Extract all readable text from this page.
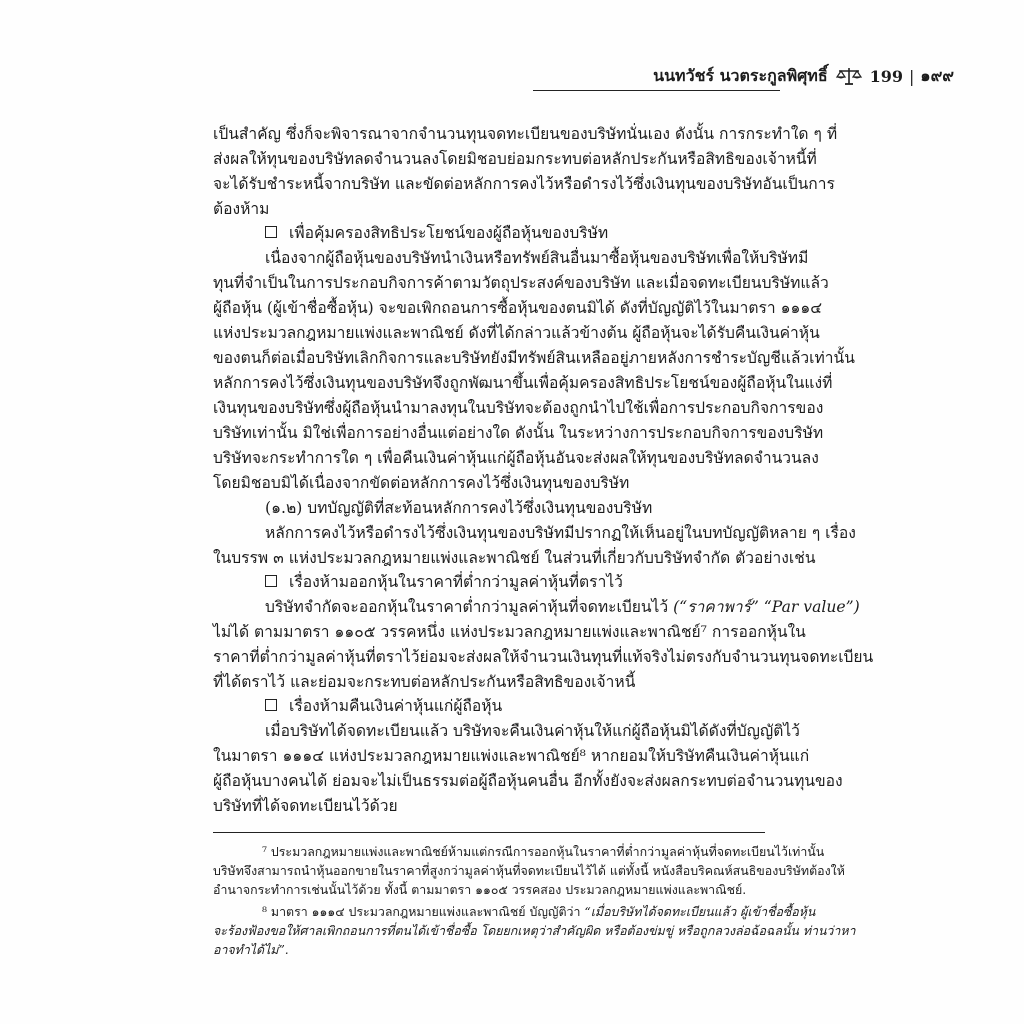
นนทวัชร์ นวตระกูลพิศุทธิ์	199 | ๑๙๙
เป็นสำคัญ ซึ่งก็จะพิจารณาจากจำนวนทุนจดทะเบียนของบริษัทนั่นเอง ดังนั้น การกระทำใด ๆ ที่
ส่งผลให้ทุนของบริษัทลดจำนวนลงโดยมิชอบย่อมกระทบต่อหลักประกันหรือสิทธิของเจ้าหนี้ที่
จะได้รับชำระหนี้จากบริษัท และขัดต่อหลักการคงไว้หรือดำรงไว้ซึ่งเงินทุนของบริษัทอันเป็นการ
ต้องห้าม
เพื่อคุ้มครองสิทธิประโยชน์ของผู้ถือหุ้นของบริษัท
เนื่องจากผู้ถือหุ้นของบริษัทนำเงินหรือทรัพย์สินอื่นมาซื้อหุ้นของบริษัทเพื่อให้บริษัทมี
ทุนที่จำเป็นในการประกอบกิจการค้าตามวัตถุประสงค์ของบริษัท และเมื่อจดทะเบียนบริษัทแล้ว
ผู้ถือหุ้น (ผู้เข้าชื่อซื้อหุ้น) จะขอเพิกถอนการซื้อหุ้นของตนมิได้ ดังที่บัญญัติไว้ในมาตรา ๑๑๑๔
แห่งประมวลกฎหมายแพ่งและพาณิชย์ ดังที่ได้กล่าวแล้วข้างต้น ผู้ถือหุ้นจะได้รับคืนเงินค่าหุ้น
ของตนก็ต่อเมื่อบริษัทเลิกกิจการและบริษัทยังมีทรัพย์สินเหลืออยู่ภายหลังการชำระบัญชีแล้วเท่านั้น
หลักการคงไว้ซึ่งเงินทุนของบริษัทจึงถูกพัฒนาขึ้นเพื่อคุ้มครองสิทธิประโยชน์ของผู้ถือหุ้นในแง่ที่
เงินทุนของบริษัทซึ่งผู้ถือหุ้นนำมาลงทุนในบริษัทจะต้องถูกนำไปใช้เพื่อการประกอบกิจการของ
บริษัทเท่านั้น มิใช่เพื่อการอย่างอื่นแต่อย่างใด ดังนั้น ในระหว่างการประกอบกิจการของบริษัท
บริษัทจะกระทำการใด ๆ เพื่อคืนเงินค่าหุ้นแก่ผู้ถือหุ้นอันจะส่งผลให้ทุนของบริษัทลดจำนวนลง
โดยมิชอบมิได้เนื่องจากขัดต่อหลักการคงไว้ซึ่งเงินทุนของบริษัท
(๑.๒) บทบัญญัติที่สะท้อนหลักการคงไว้ซึ่งเงินทุนของบริษัท
หลักการคงไว้หรือดำรงไว้ซึ่งเงินทุนของบริษัทมีปรากฏให้เห็นอยู่ในบทบัญญัติหลาย ๆ เรื่อง
ในบรรพ ๓ แห่งประมวลกฎหมายแพ่งและพาณิชย์ ในส่วนที่เกี่ยวกับบริษัทจำกัด ตัวอย่างเช่น
เรื่องห้ามออกหุ้นในราคาที่ต่ำกว่ามูลค่าหุ้นที่ตราไว้
บริษัทจำกัดจะออกหุ้นในราคาต่ำกว่ามูลค่าหุ้นที่จดทะเบียนไว้ (“ราคาพาร์” “Par value”)
ไม่ได้ ตามมาตรา ๑๑๐๕ วรรคหนึ่ง แห่งประมวลกฎหมายแพ่งและพาณิชย์⁷ การออกหุ้นใน
ราคาที่ต่ำกว่ามูลค่าหุ้นที่ตราไว้ย่อมจะส่งผลให้จำนวนเงินทุนที่แท้จริงไม่ตรงกับจำนวนทุนจดทะเบียน
ที่ได้ตราไว้ และย่อมจะกระทบต่อหลักประกันหรือสิทธิของเจ้าหนี้
เรื่องห้ามคืนเงินค่าหุ้นแก่ผู้ถือหุ้น
เมื่อบริษัทได้จดทะเบียนแล้ว บริษัทจะคืนเงินค่าหุ้นให้แก่ผู้ถือหุ้นมิได้ดังที่บัญญัติไว้
ในมาตรา ๑๑๑๔ แห่งประมวลกฎหมายแพ่งและพาณิชย์⁸ หากยอมให้บริษัทคืนเงินค่าหุ้นแก่
ผู้ถือหุ้นบางคนได้ ย่อมจะไม่เป็นธรรมต่อผู้ถือหุ้นคนอื่น อีกทั้งยังจะส่งผลกระทบต่อจำนวนทุนของ
บริษัทที่ได้จดทะเบียนไว้ด้วย
⁷ ประมวลกฎหมายแพ่งและพาณิชย์ห้ามแต่กรณีการออกหุ้นในราคาที่ต่ำกว่ามูลค่าหุ้นที่จดทะเบียนไว้เท่านั้น
บริษัทจึงสามารถนำหุ้นออกขายในราคาที่สูงกว่ามูลค่าหุ้นที่จดทะเบียนไว้ได้ แต่ทั้งนี้ หนังสือบริคณห์สนธิของบริษัทต้องให้
อำนาจกระทำการเช่นนั้นไว้ด้วย ทั้งนี้ ตามมาตรา ๑๑๐๕ วรรคสอง ประมวลกฎหมายแพ่งและพาณิชย์.
⁸ มาตรา ๑๑๑๔ ประมวลกฎหมายแพ่งและพาณิชย์ บัญญัติว่า “เมื่อบริษัทได้จดทะเบียนแล้ว ผู้เข้าชื่อซื้อหุ้น
จะร้องฟ้องขอให้ศาลเพิกถอนการที่ตนได้เข้าชื่อซื้อ โดยยกเหตุว่าสำคัญผิด หรือต้องข่มขู่ หรือถูกลวงล่อฉ้อฉลนั้น ท่านว่าหา
อาจทำได้ไม่”.
